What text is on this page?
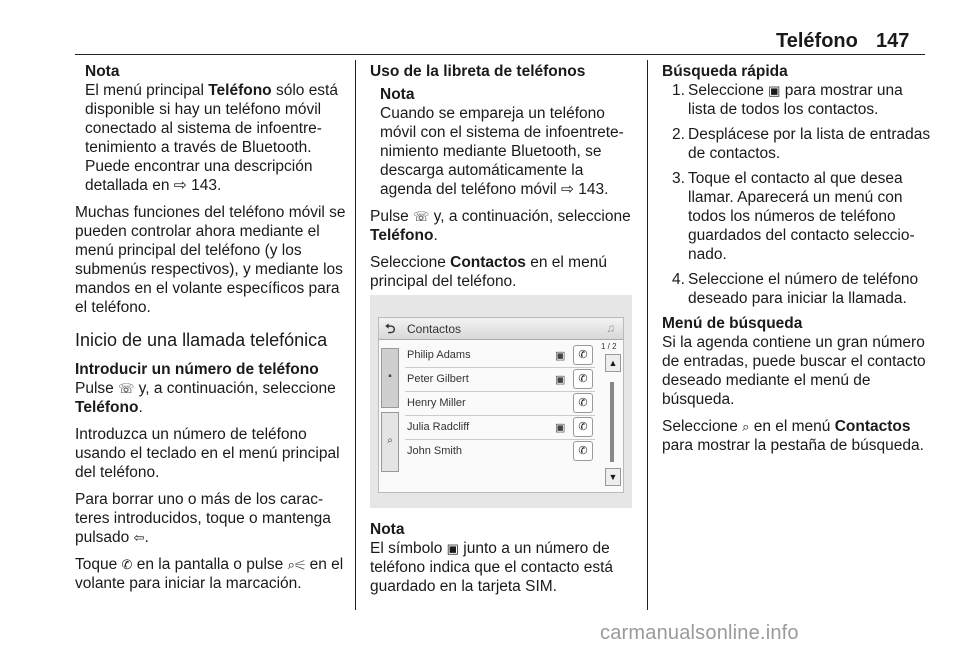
Teléfono 147
Nota
El menú principal Teléfono sólo está disponible si hay un teléfono móvil conectado al sistema de infoentretenimiento a través de Bluetooth. Puede encontrar una descripción detallada en ⇨ 143.

Muchas funciones del teléfono móvil se pueden controlar ahora mediante el menú principal del teléfono (y los submenús respectivos), y mediante los mandos en el volante específicos para el teléfono.

Inicio de una llamada telefónica
Introducir un número de teléfono

Pulse ☏ y, a continuación, seleccione Teléfono.

Introduzca un número de teléfono usando el teclado en el menú principal del teléfono.

Para borrar uno o más de los caracteres introducidos, toque o mantenga pulsado ⇦.

Toque ✆ en la pantalla o pulse ⌕⚟ en el volante para iniciar la marcación.

Uso de la libreta de teléfonos
Nota
Cuando se empareja un teléfono móvil con el sistema de infoentretenimiento mediante Bluetooth, se descarga automáticamente la agenda del teléfono móvil ⇨ 143.

Pulse ☏ y, a continuación, seleccione Teléfono.

Seleccione Contactos en el menú principal del teléfono.

⮌ Contactos	♫
▪
⌕
Philip Adams	▣	✆
Peter Gilbert	▣	✆
Henry Miller	✆
Julia Radcliff	▣	✆
John Smith	✆
1 / 2
▲
▼
Nota
El símbolo ▣ junto a un número de teléfono indica que el contacto está guardado en la tarjeta SIM.
Búsqueda rápida
1. Seleccione ▣ para mostrar una lista de todos los contactos.
2. Desplácese por la lista de entradas de contactos.
3. Toque el contacto al que desea llamar. Aparecerá un menú con todos los números de teléfono guardados del contacto seleccionado.
4. Seleccione el número de teléfono deseado para iniciar la llamada.
Menú de búsqueda

Si la agenda contiene un gran número de entradas, puede buscar el contacto deseado mediante el menú de búsqueda.

Seleccione ⌕ en el menú Contactos para mostrar la pestaña de búsqueda.

carmanualsonline.info
